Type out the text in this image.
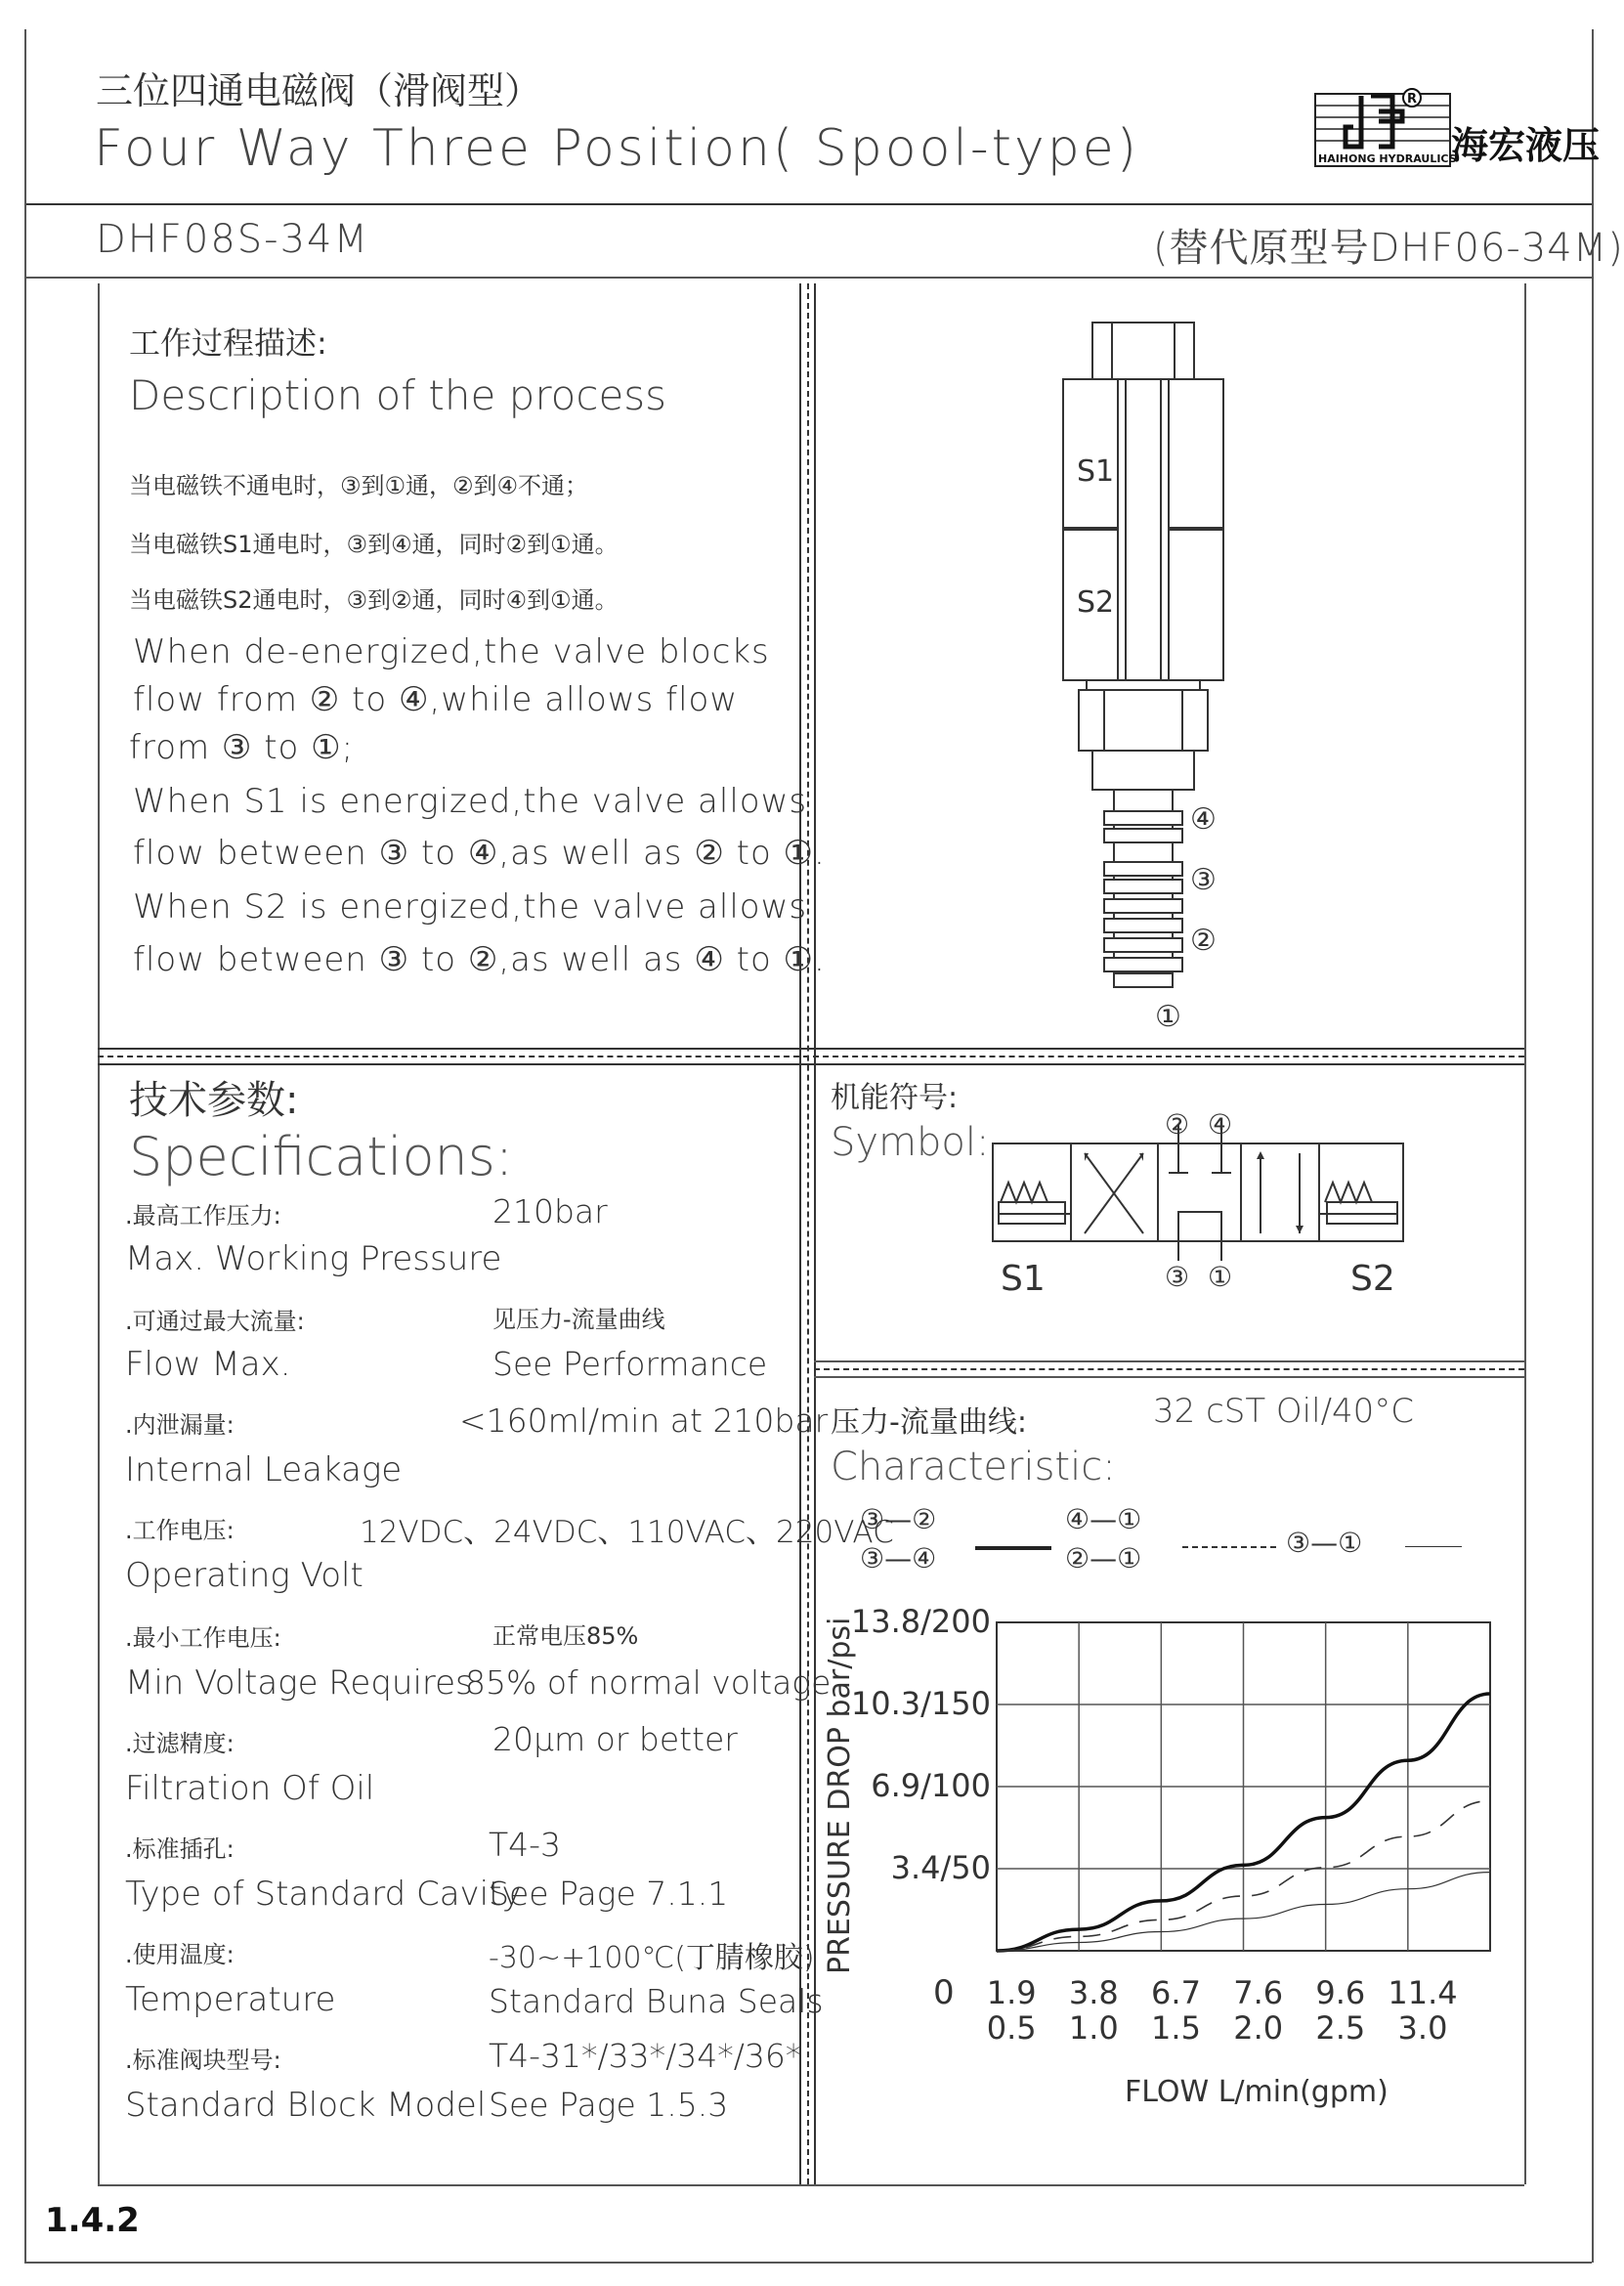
三位四通电磁阀（滑阀型）
Four Way Three Position( Spool-type)
R
HAIHONG HYDRAULICS
海宏液压
DHF08S-34M	(替代原型号DHF06-34M)
工作过程描述:
Description of the process
当电磁铁不通电时，③到①通，②到④不通；
当电磁铁S1通电时，③到④通，同时②到①通。
当电磁铁S2通电时，③到②通，同时④到①通。
When de-energized,the valve blocks
flow from ② to ④,while allows flow
from ③ to ①;
When S1 is energized,the valve allows
flow between ③ to ④,as well as ② to ①.
When S2 is energized,the valve allows
flow between ③ to ②,as well as ④ to ①.
S1
S2
④
③
②
①
技术参数:
Specifications:
.最高工作压力:	210bar
Max. Working Pressure
.可通过最大流量:	见压力-流量曲线
Flow Max.	See Performance
.内泄漏量:	<160ml/min at 210bar
Internal Leakage
.工作电压:	12VDC、24VDC、110VAC、220VAC
Operating Volt
.最小工作电压:	正常电压85%
Min Voltage Requires
85% of normal voltage
.过滤精度:	20μm or better
Filtration Of Oil
.标准插孔:	T4-3
Type of Standard Cavity
See Page 7.1.1
.使用温度:	-30~+100℃(丁腈橡胶)
Temperature	Standard Buna Seals
.标准阀块型号:	T4-31*/33*/34*/36*
Standard Block Model See Page 1.5.3
机能符号:
Symbol:	② ④
③ ①
S1	S2
压力-流量曲线:	32 cST Oil/40°C
Characteristic:
③—②
③—④
④—①
②—①	③—①
13.8/200
10.3/150
6.9/100
3.4/50
1.9
0.5
3.8
1.0
6.7
1.5
7.6
2.0
9.6
2.5
11.4
3.0
PRESSURE DROP bar/psi
FLOW L/min(gpm)
0
1.4.2
